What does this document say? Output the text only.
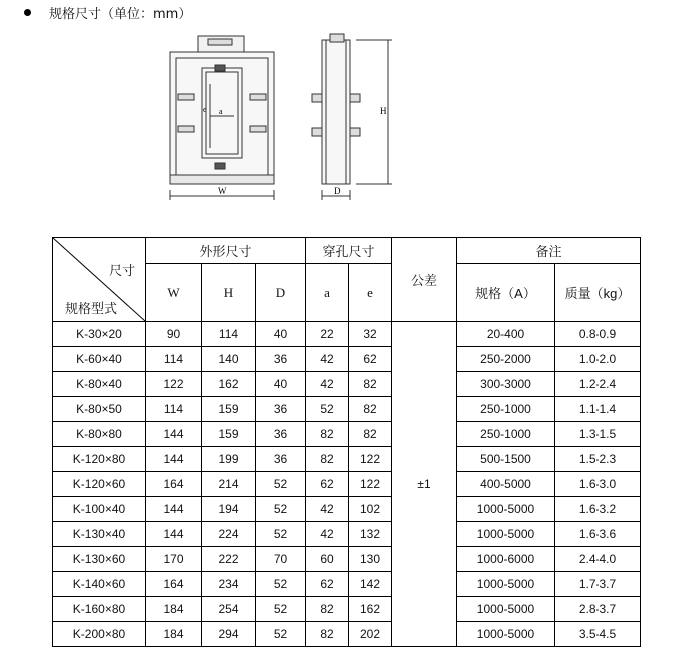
规格尺寸（单位：mm）
a
e
W	D
H
尺寸
规格型式	外形尺寸			穿孔尺寸		公差	备注	
	W	H	D	a	e		规格（A）	质量（kg）
K-30×20	90	114	40	22	32	±1	20-400	0.8-0.9
K-60×40	114	140	36	42	62		250-2000	1.0-2.0
K-80×40	122	162	40	42	82		300-3000	1.2-2.4
K-80×50	114	159	36	52	82		250-1000	1.1-1.4
K-80×80	144	159	36	82	82		250-1000	1.3-1.5
K-120×80	144	199	36	82	122		500-1500	1.5-2.3
K-120×60	164	214	52	62	122		400-5000	1.6-3.0
K-100×40	144	194	52	42	102		1000-5000	1.6-3.2
K-130×40	144	224	52	42	132		1000-5000	1.6-3.6
K-130×60	170	222	70	60	130		1000-6000	2.4-4.0
K-140×60	164	234	52	62	142		1000-5000	1.7-3.7
K-160×80	184	254	52	82	162		1000-5000	2.8-3.7
K-200×80	184	294	52	82	202		1000-5000	3.5-4.5
